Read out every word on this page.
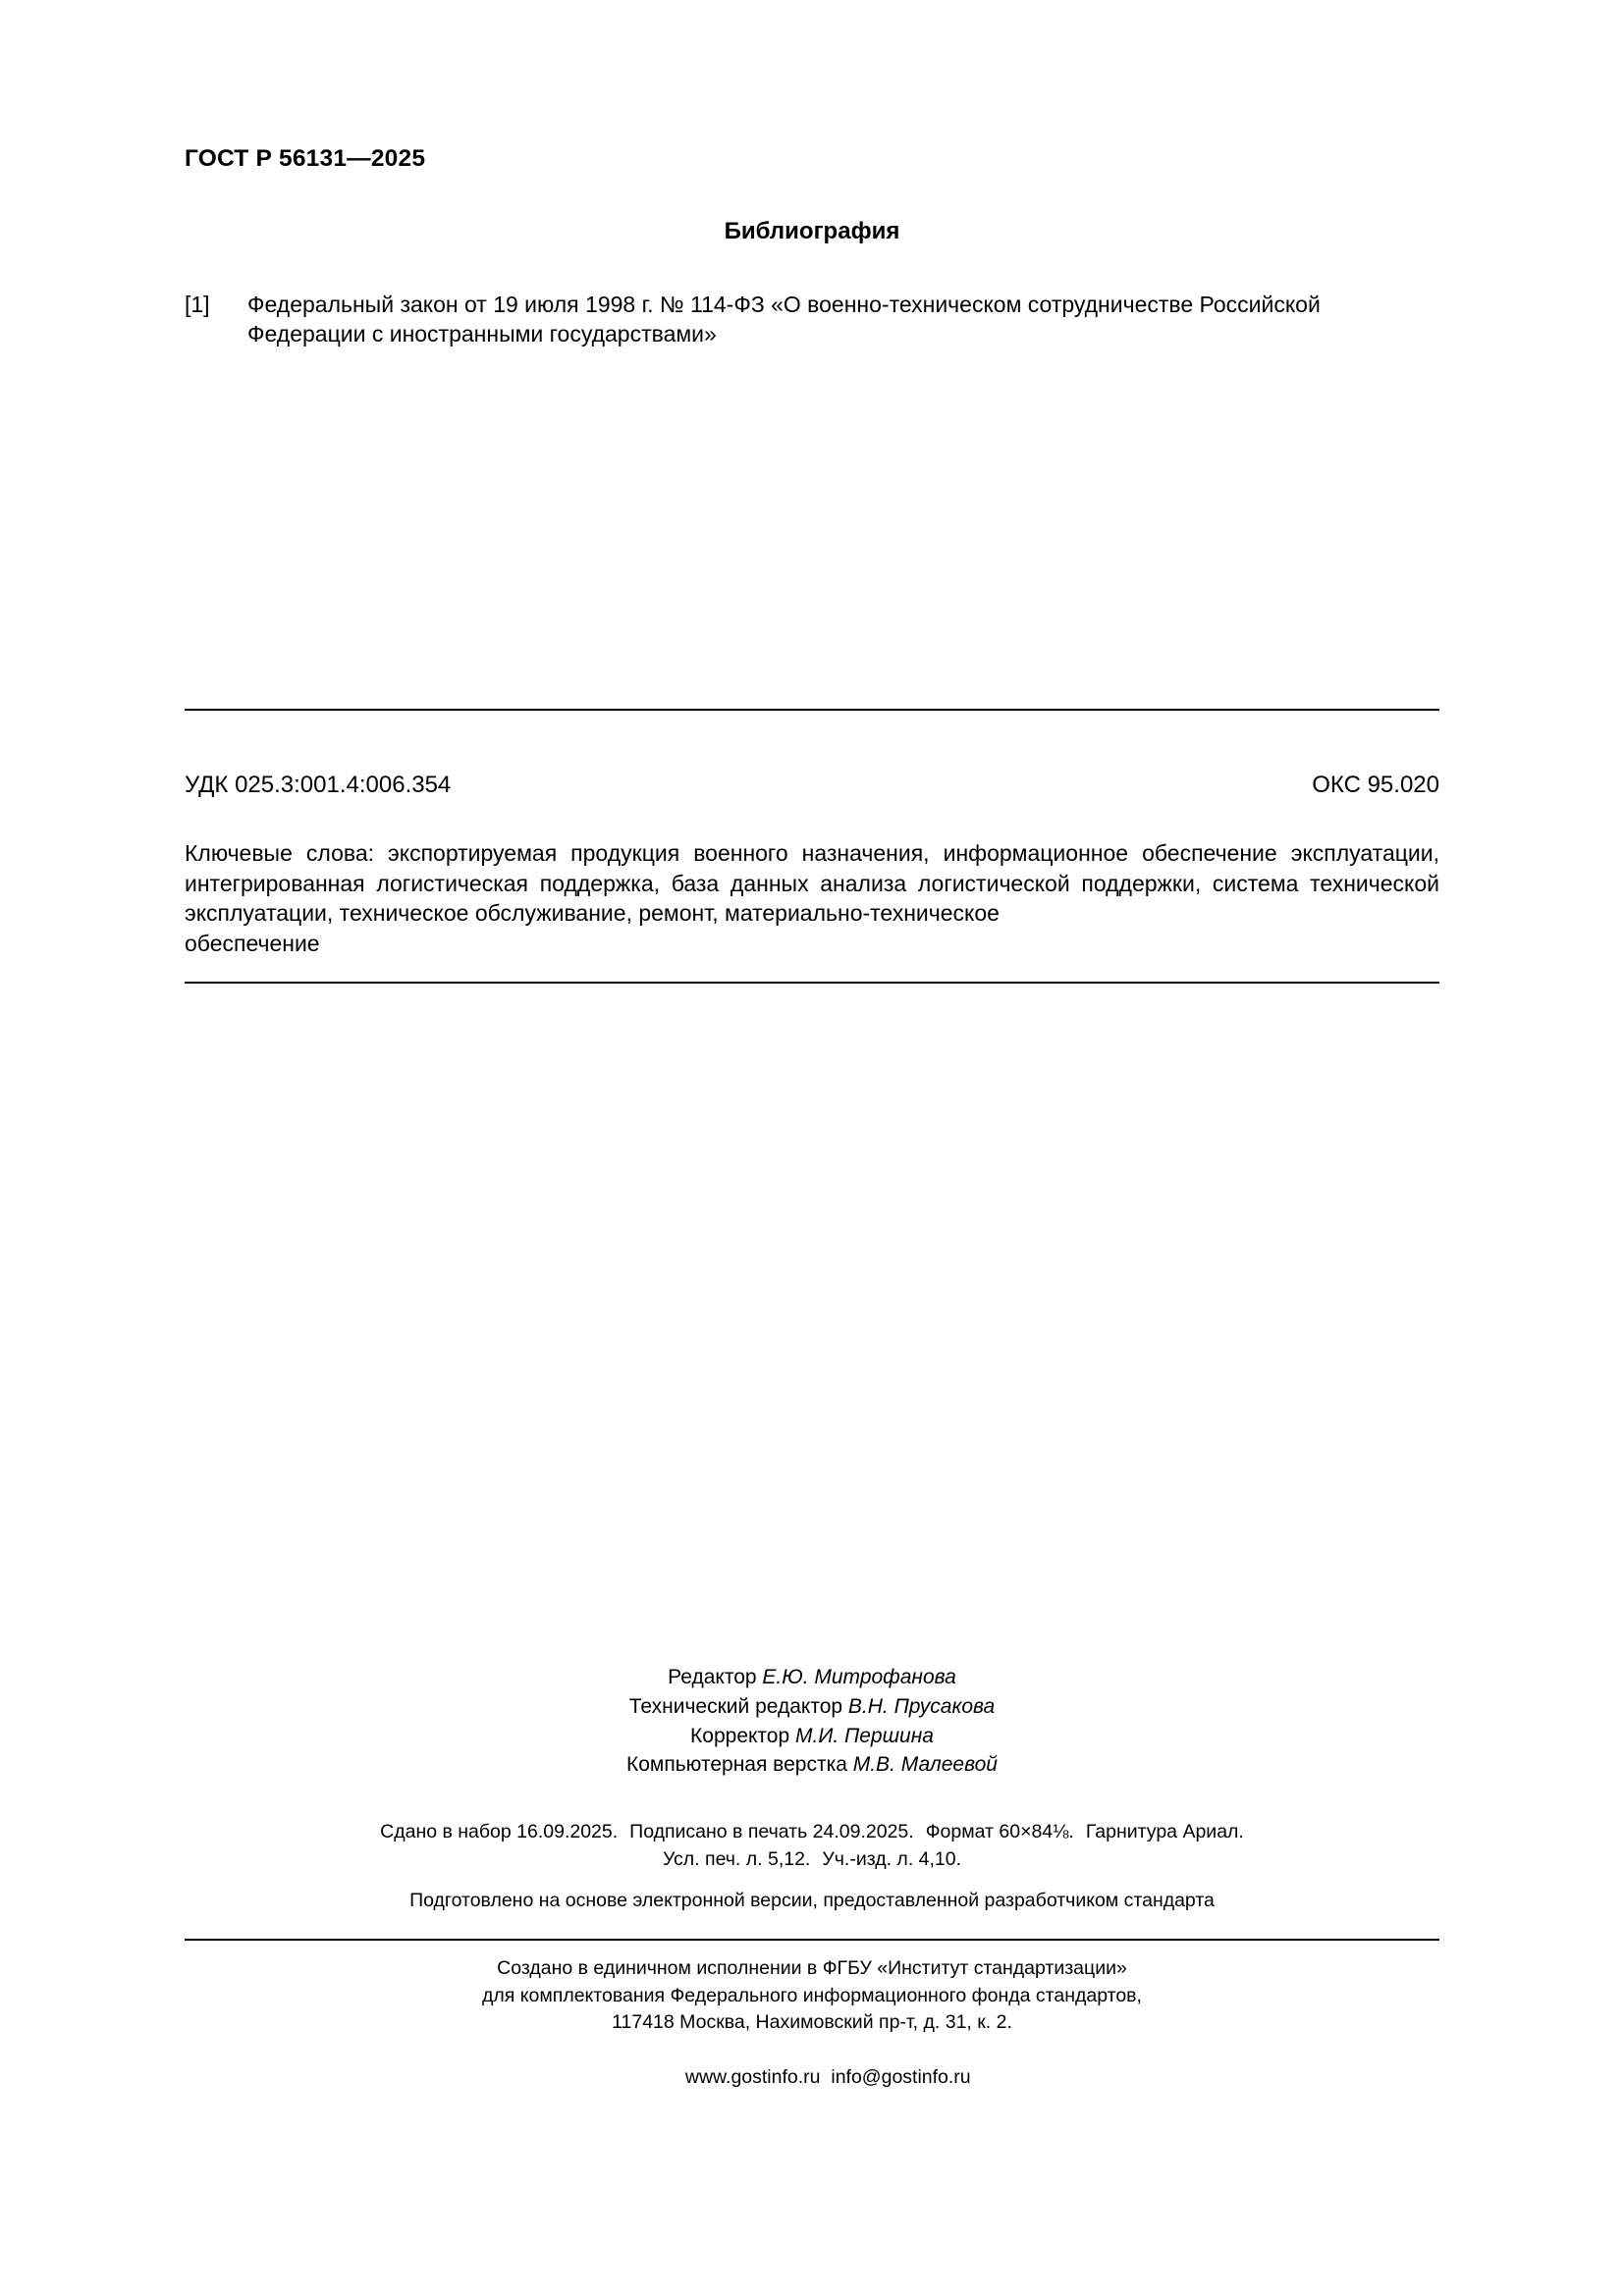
ГОСТ Р 56131—2025
Библиография
[1]	Федеральный закон от 19 июля 1998 г. № 114-ФЗ «О военно-техническом сотрудничестве Российской
Федерации с иностранными государствами»
УДК 025.3:001.4:006.354	ОКС 95.020
Ключевые слова: экспортируемая продукция военного назначения, информационное обеспечение эксплуатации, интегрированная логистическая поддержка, база данных анализа логистической поддержки, система технической эксплуатации, техническое обслуживание, ремонт, материально-техническое
обеспечение
Редактор Е.Ю. Митрофанова
Технический редактор В.Н. Прусакова
Корректор М.И. Першина
Компьютерная верстка М.В. Малеевой
Сдано в набор 16.09.2025. Подписано в печать 24.09.2025. Формат 60×84⅛. Гарнитура Ариал.
Усл. печ. л. 5,12. Уч.-изд. л. 4,10.
Подготовлено на основе электронной версии, предоставленной разработчиком стандарта
Создано в единичном исполнении в ФГБУ «Институт стандартизации»
для комплектования Федерального информационного фонда стандартов,
117418 Москва, Нахимовский пр-т, д. 31, к. 2.

www.gostinfo.ru info@gostinfo.ru
